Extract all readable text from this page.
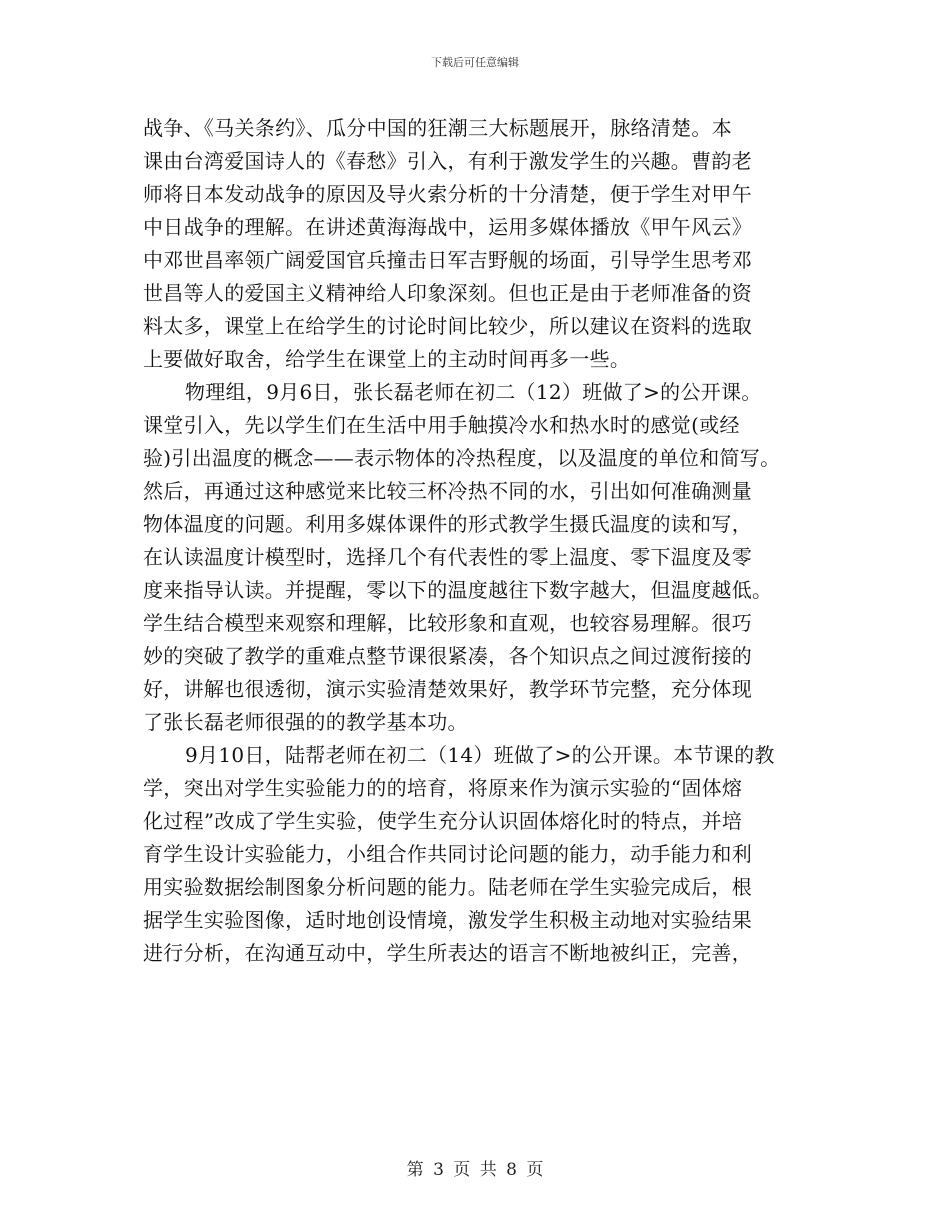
下载后可任意编辑
战争、《马关条约》、瓜分中国的狂潮三大标题展开，脉络清楚。本
课由台湾爱国诗人的《春愁》引入，有利于激发学生的兴趣。曹韵老
师将日本发动战争的原因及导火索分析的十分清楚，便于学生对甲午
中日战争的理解。在讲述黄海海战中，运用多媒体播放《甲午风云》
中邓世昌率领广阔爱国官兵撞击日军吉野舰的场面，引导学生思考邓
世昌等人的爱国主义精神给人印象深刻。但也正是由于老师准备的资
料太多，课堂上在给学生的讨论时间比较少，所以建议在资料的选取
上要做好取舍，给学生在课堂上的主动时间再多一些。
物理组，9月6日，张长磊老师在初二（12）班做了>的公开课。
课堂引入，先以学生们在生活中用手触摸冷水和热水时的感觉(或经
验)引出温度的概念——表示物体的冷热程度，以及温度的单位和简写。
然后，再通过这种感觉来比较三杯冷热不同的水，引出如何准确测量
物体温度的问题。利用多媒体课件的形式教学生摄氏温度的读和写，
在认读温度计模型时，选择几个有代表性的零上温度、零下温度及零
度来指导认读。并提醒，零以下的温度越往下数字越大，但温度越低。
学生结合模型来观察和理解，比较形象和直观，也较容易理解。很巧
妙的突破了教学的重难点整节课很紧凑，各个知识点之间过渡衔接的
好，讲解也很透彻，演示实验清楚效果好，教学环节完整，充分体现
了张长磊老师很强的的教学基本功。
9月10日，陆帮老师在初二（14）班做了>的公开课。本节课的教
学，突出对学生实验能力的的培育，将原来作为演示实验的“固体熔
化过程”改成了学生实验，使学生充分认识固体熔化时的特点，并培
育学生设计实验能力，小组合作共同讨论问题的能力，动手能力和利
用实验数据绘制图象分析问题的能力。陆老师在学生实验完成后，根
据学生实验图像，适时地创设情境，激发学生积极主动地对实验结果
进行分析，在沟通互动中，学生所表达的语言不断地被纠正，完善，
第 3 页 共 8 页
